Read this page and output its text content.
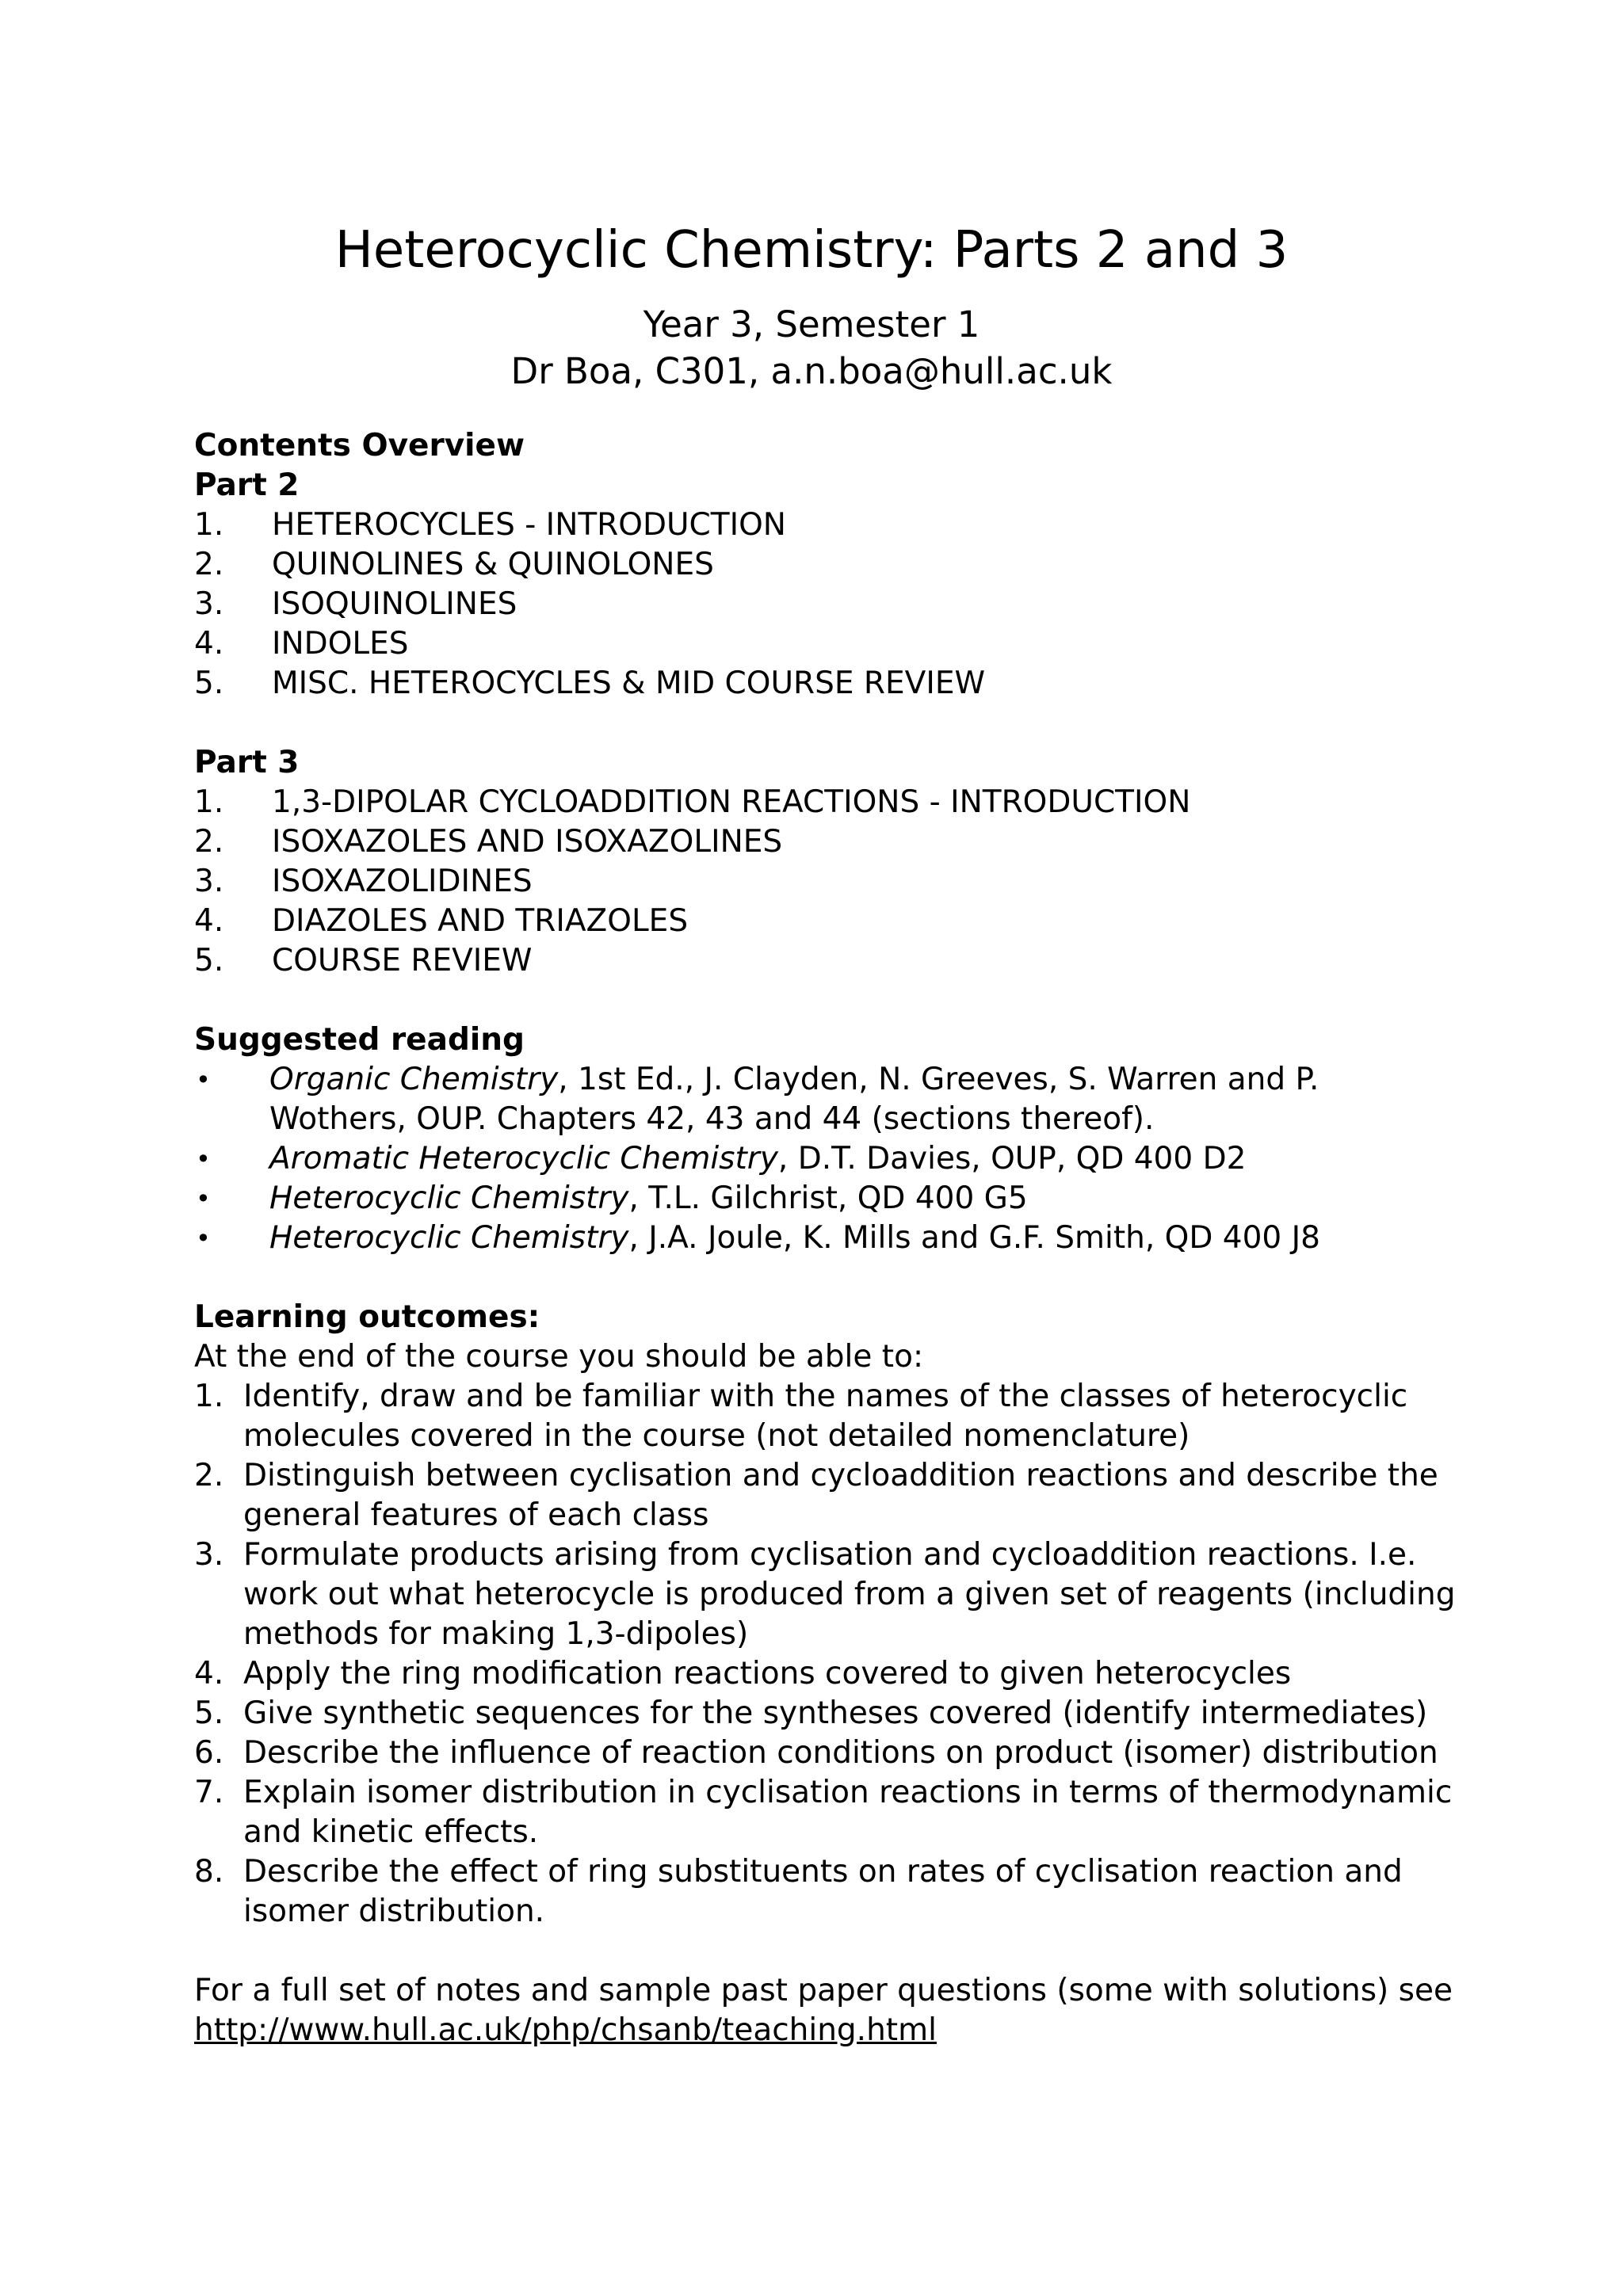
Heterocyclic Chemistry: Parts 2 and 3
Year 3, Semester 1
Dr Boa, C301, a.n.boa@hull.ac.uk
Contents Overview
Part 2
1.	HETEROCYCLES - INTRODUCTION
2.	QUINOLINES & QUINOLONES
3.	ISOQUINOLINES
4.	INDOLES
5.	MISC. HETEROCYCLES & MID COURSE REVIEW
Part 3
1.	1,3-DIPOLAR CYCLOADDITION REACTIONS - INTRODUCTION
2.	ISOXAZOLES AND ISOXAZOLINES
3.	ISOXAZOLIDINES
4.	DIAZOLES AND TRIAZOLES
5.	COURSE REVIEW
Suggested reading
•	Organic Chemistry, 1st Ed., J. Clayden, N. Greeves, S. Warren and P. Wothers, OUP. Chapters 42, 43 and 44 (sections thereof).
•	Aromatic Heterocyclic Chemistry, D.T. Davies, OUP, QD 400 D2
•	Heterocyclic Chemistry, T.L. Gilchrist, QD 400 G5
•	Heterocyclic Chemistry, J.A. Joule, K. Mills and G.F. Smith, QD 400 J8
Learning outcomes:
At the end of the course you should be able to:
1. Identify, draw and be familiar with the names of the classes of heterocyclic molecules covered in the course (not detailed nomenclature)
2. Distinguish between cyclisation and cycloaddition reactions and describe the general features of each class
3. Formulate products arising from cyclisation and cycloaddition reactions. I.e. work out what heterocycle is produced from a given set of reagents (including methods for making 1,3-dipoles)
4. Apply the ring modification reactions covered to given heterocycles
5. Give synthetic sequences for the syntheses covered (identify intermediates)
6. Describe the influence of reaction conditions on product (isomer) distribution
7. Explain isomer distribution in cyclisation reactions in terms of thermodynamic and kinetic effects.
8. Describe the effect of ring substituents on rates of cyclisation reaction and isomer distribution.
For a full set of notes and sample past paper questions (some with solutions) see
http://www.hull.ac.uk/php/chsanb/teaching.html
